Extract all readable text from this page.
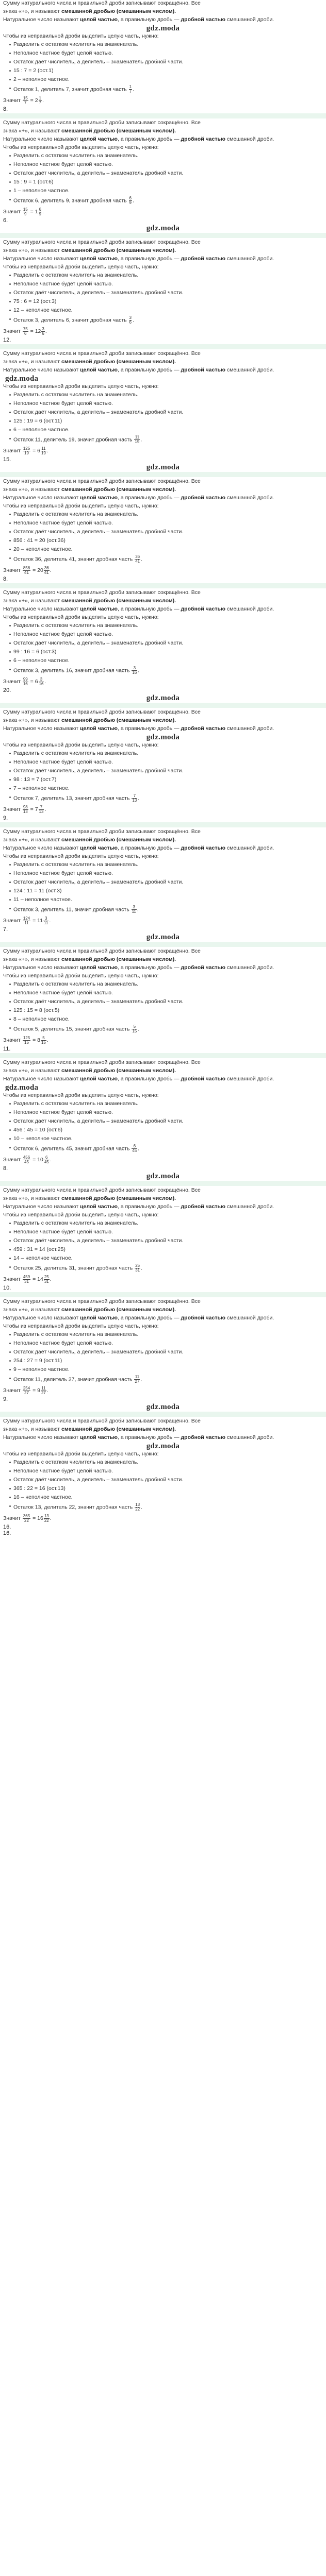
Сумму натурального числа и правильной дроби записывают сокращённо. Все

знака «+», и называют смешанной дробью (смешанным числом).

Натуральное число называют целой частью, а правильную дробь — дробной частью смешанной дроби.

gdz.moda

Чтобы из неправильной дроби выделить целую часть, нужно:

Разделить с остатком числитель на знаменатель.
Неполное частное будет целой частью.
Остаток даёт числитель, а делитель – знаменатель дробной части.
15 : 7 = 2 (ост.1)
2 – неполное частное.
Остаток 1, делитель 7, значит дробная часть $\frac{1}{7}$ .
Значит $\frac{15}{7} = 2 \frac{1}{7}$ .
8.

Сумму натурального числа и правильной дроби записывают сокращённо. Все

знака «+», и называют смешанной дробью (смешанным числом).

Натуральное число называют целой частью, а правильную дробь — дробной частью смешанной дроби.

Чтобы из неправильной дроби выделить целую часть, нужно:

Разделить с остатком числитель на знаменатель.
Неполное частное будет целой частью.
Остаток даёт числитель, а делитель – знаменатель дробной части.
15 : 9 = 1 (ост.6)
1 – неполное частное.
Остаток 6, делитель 9, значит дробная часть $\frac{6}{9}$ .
Значит $\frac{15}{9} = 1 \frac{6}{9}$ .
6.
gdz.moda

Сумму натурального числа и правильной дроби записывают сокращённо. Все

знака «+», и называют смешанной дробью (смешанным числом).

Натуральное число называют целой частью, а правильную дробь — дробной частью смешанной дроби.

Чтобы из неправильной дроби выделить целую часть, нужно:

Разделить с остатком числитель на знаменатель.
Неполное частное будет целой частью.
Остаток даёт числитель, а делитель – знаменатель дробной части.
75 : 6 = 12 (ост.3)
12 – неполное частное.
Остаток 3, делитель 6, значит дробная часть $\frac{3}{6}$ .
Значит $\frac{75}{6} = 12 \frac{3}{6}$ .
12.

Сумму натурального числа и правильной дроби записывают сокращённо. Все

знака «+», и называют смешанной дробью (смешанным числом).

Натуральное число называют целой частью, а правильную дробь — дробной частью смешанной дроби.

gdz.moda

Чтобы из неправильной дроби выделить целую часть, нужно:

Разделить с остатком числитель на знаменатель.
Неполное частное будет целой частью.
Остаток даёт числитель, а делитель – знаменатель дробной части.
125 : 19 = 6 (ост.11)
6 – неполное частное.
Остаток 11, делитель 19, значит дробная часть $\frac{11}{19}$ .
Значит $\frac{125}{19} = 6 \frac{11}{19}$ .
15.
gdz.moda

Сумму натурального числа и правильной дроби записывают сокращённо. Все

знака «+», и называют смешанной дробью (смешанным числом).

Натуральное число называют целой частью, а правильную дробь — дробной частью смешанной дроби.

Чтобы из неправильной дроби выделить целую часть, нужно:

Разделить с остатком числитель на знаменатель.
Неполное частное будет целой частью.
Остаток даёт числитель, а делитель – знаменатель дробной части.
856 : 41 = 20 (ост.36)
20 – неполное частное.
Остаток 36, делитель 41, значит дробная часть $\frac{36}{41}$ .
Значит $\frac{856}{41} = 20 \frac{36}{41}$ .
8.

Сумму натурального числа и правильной дроби записывают сокращённо. Все

знака «+», и называют смешанной дробью (смешанным числом).

Натуральное число называют целой частью, а правильную дробь — дробной частью смешанной дроби.

Чтобы из неправильной дроби выделить целую часть, нужно:

Разделить с остатком числитель на знаменатель.
Неполное частное будет целой частью.
Остаток даёт числитель, а делитель – знаменатель дробной части.
99 : 16 = 6 (ост.3)
6 – неполное частное.
Остаток 3, делитель 16, значит дробная часть $\frac{3}{16}$ .
Значит $\frac{99}{16} = 6 \frac{3}{16}$ .
20.
gdz.moda

Сумму натурального числа и правильной дроби записывают сокращённо. Все

знака «+», и называют смешанной дробью (смешанным числом).

Натуральное число называют целой частью, а правильную дробь — дробной частью смешанной дроби.

gdz.moda

Чтобы из неправильной дроби выделить целую часть, нужно:

Разделить с остатком числитель на знаменатель.
Неполное частное будет целой частью.
Остаток даёт числитель, а делитель – знаменатель дробной части.
98 : 13 = 7 (ост.7)
7 – неполное частное.
Остаток 7, делитель 13, значит дробная часть $\frac{7}{13}$ .
Значит $\frac{98}{13} = 7 \frac{7}{13}$ .
9.

Сумму натурального числа и правильной дроби записывают сокращённо. Все

знака «+», и называют смешанной дробью (смешанным числом).

Натуральное число называют целой частью, а правильную дробь — дробной частью смешанной дроби.

Чтобы из неправильной дроби выделить целую часть, нужно:

Разделить с остатком числитель на знаменатель.
Неполное частное будет целой частью.
Остаток даёт числитель, а делитель – знаменатель дробной части.
124 : 11 = 11 (ост.3)
11 – неполное частное.
Остаток 3, делитель 11, значит дробная часть $\frac{3}{11}$ .
Значит $\frac{124}{11} = 11 \frac{3}{11}$ .
7.
gdz.moda

Сумму натурального числа и правильной дроби записывают сокращённо. Все

знака «+», и называют смешанной дробью (смешанным числом).

Натуральное число называют целой частью, а правильную дробь — дробной частью смешанной дроби.

Чтобы из неправильной дроби выделить целую часть, нужно:

Разделить с остатком числитель на знаменатель.
Неполное частное будет целой частью.
Остаток даёт числитель, а делитель – знаменатель дробной части.
125 : 15 = 8 (ост.5)
8 – неполное частное.
Остаток 5, делитель 15, значит дробная часть $\frac{5}{15}$ .
Значит $\frac{125}{15} = 8 \frac{5}{15}$ .
11.

Сумму натурального числа и правильной дроби записывают сокращённо. Все

знака «+», и называют смешанной дробью (смешанным числом).

Натуральное число называют целой частью, а правильную дробь — дробной частью смешанной дроби.

gdz.moda

Чтобы из неправильной дроби выделить целую часть, нужно:

Разделить с остатком числитель на знаменатель.
Неполное частное будет целой частью.
Остаток даёт числитель, а делитель – знаменатель дробной части.
456 : 45 = 10 (ост.6)
10 – неполное частное.
Остаток 6, делитель 45, значит дробная часть $\frac{6}{45}$ .
Значит $\frac{456}{45} = 10 \frac{6}{45}$ .
8.
gdz.moda

Сумму натурального числа и правильной дроби записывают сокращённо. Все

знака «+», и называют смешанной дробью (смешанным числом).

Натуральное число называют целой частью, а правильную дробь — дробной частью смешанной дроби.

Чтобы из неправильной дроби выделить целую часть, нужно:

Разделить с остатком числитель на знаменатель.
Неполное частное будет целой частью.
Остаток даёт числитель, а делитель – знаменатель дробной части.
459 : 31 = 14 (ост.25)
14 – неполное частное.
Остаток 25, делитель 31, значит дробная часть $\frac{25}{31}$ .
Значит $\frac{459}{31} = 14 \frac{25}{31}$ .
10.

Сумму натурального числа и правильной дроби записывают сокращённо. Все

знака «+», и называют смешанной дробью (смешанным числом).

Натуральное число называют целой частью, а правильную дробь — дробной частью смешанной дроби.

Чтобы из неправильной дроби выделить целую часть, нужно:

Разделить с остатком числитель на знаменатель.
Неполное частное будет целой частью.
Остаток даёт числитель, а делитель – знаменатель дробной части.
254 : 27 = 9 (ост.11)
9 – неполное частное.
Остаток 11, делитель 27, значит дробная часть $\frac{11}{27}$ .
Значит $\frac{254}{27} = 9 \frac{11}{27}$ .
9.
gdz.moda

Сумму натурального числа и правильной дроби записывают сокращённо. Все

знака «+», и называют смешанной дробью (смешанным числом).

Натуральное число называют целой частью, а правильную дробь — дробной частью смешанной дроби.

gdz.moda

Чтобы из неправильной дроби выделить целую часть, нужно:

Разделить с остатком числитель на знаменатель.
Неполное частное будет целой частью.
Остаток даёт числитель, а делитель – знаменатель дробной части.
365 : 22 = 16 (ост.13)
16 – неполное частное.
Остаток 13, делитель 22, значит дробная часть $\frac{13}{22}$ .
Значит $\frac{365}{22} = 16 \frac{13}{22}$ .
16.
16.
